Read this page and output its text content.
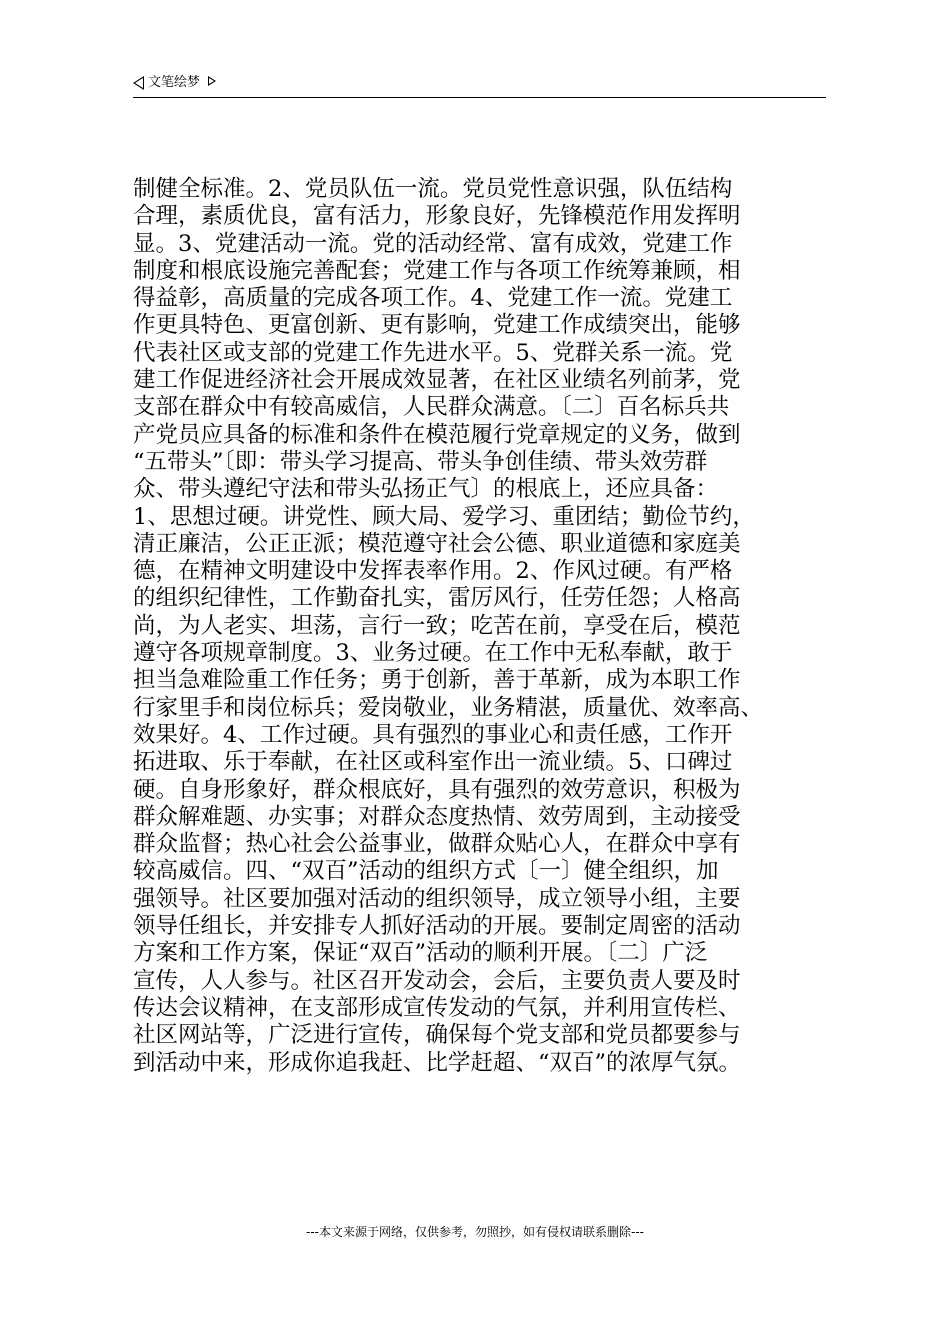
文笔绘梦
制健全标准。2、党员队伍一流。党员党性意识强，队伍结构
合理，素质优良，富有活力，形象良好，先锋模范作用发挥明
显。3、党建活动一流。党的活动经常、富有成效，党建工作
制度和根底设施完善配套；党建工作与各项工作统筹兼顾，相
得益彰，高质量的完成各项工作。4、党建工作一流。党建工
作更具特色、更富创新、更有影响，党建工作成绩突出，能够
代表社区或支部的党建工作先进水平。5、党群关系一流。党
建工作促进经济社会开展成效显著，在社区业绩名列前茅，党
支部在群众中有较高威信，人民群众满意。〔二〕百名标兵共
产党员应具备的标准和条件在模范履行党章规定的义务，做到
“五带头”〔即：带头学习提高、带头争创佳绩、带头效劳群
众、带头遵纪守法和带头弘扬正气〕的根底上，还应具备：
1、思想过硬。讲党性、顾大局、爱学习、重团结；勤俭节约，
清正廉洁，公正正派；模范遵守社会公德、职业道德和家庭美
德，在精神文明建设中发挥表率作用。2、作风过硬。有严格
的组织纪律性，工作勤奋扎实，雷厉风行，任劳任怨；人格高
尚，为人老实、坦荡，言行一致；吃苦在前，享受在后，模范
遵守各项规章制度。3、业务过硬。在工作中无私奉献，敢于
担当急难险重工作任务；勇于创新，善于革新，成为本职工作
行家里手和岗位标兵；爱岗敬业，业务精湛，质量优、效率高、
效果好。4、工作过硬。具有强烈的事业心和责任感，工作开
拓进取、乐于奉献，在社区或科室作出一流业绩。5、口碑过
硬。自身形象好，群众根底好，具有强烈的效劳意识，积极为
群众解难题、办实事；对群众态度热情、效劳周到，主动接受
群众监督；热心社会公益事业，做群众贴心人，在群众中享有
较高威信。四、“双百”活动的组织方式〔一〕健全组织，加
强领导。社区要加强对活动的组织领导，成立领导小组，主要
领导任组长，并安排专人抓好活动的开展。要制定周密的活动
方案和工作方案，保证“双百”活动的顺利开展。〔二〕广泛
宣传，人人参与。社区召开发动会，会后，主要负责人要及时
传达会议精神，在支部形成宣传发动的气氛，并利用宣传栏、
社区网站等，广泛进行宣传，确保每个党支部和党员都要参与
到活动中来，形成你追我赶、比学赶超、“双百”的浓厚气氛。
---本文来源于网络，仅供参考，勿照抄，如有侵权请联系删除---
